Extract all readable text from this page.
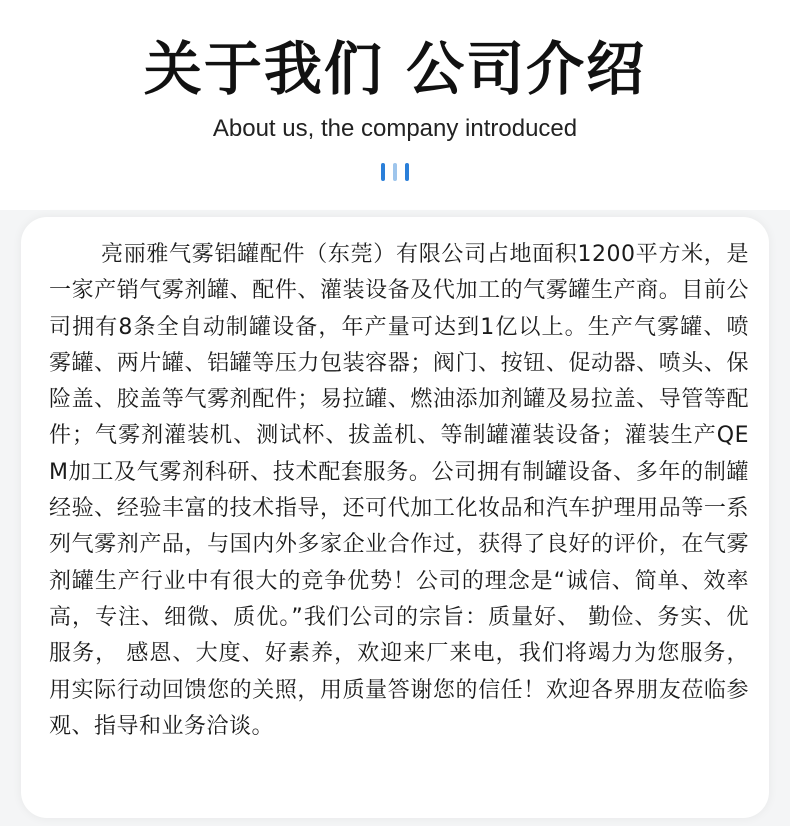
关于我们 公司介绍
About us, the company introduced

亮丽雅气雾铝罐配件（东莞）有限公司占地面积1200平方米，是一家产销气雾剂罐、配件、灌装设备及代加工的气雾罐生产商。目前公司拥有8条全自动制罐设备，年产量可达到1亿以上。生产气雾罐、喷雾罐、两片罐、铝罐等压力包装容器；阀门、按钮、促动器、喷头、保险盖、胶盖等气雾剂配件；易拉罐、燃油添加剂罐及易拉盖、导管等配件；气雾剂灌装机、测试杯、拔盖机、等制罐灌装设备；灌装生产QEM加工及气雾剂科研、技术配套服务。公司拥有制罐设备、多年的制罐经验、经验丰富的技术指导，还可代加工化妆品和汽车护理用品等一系列气雾剂产品，与国内外多家企业合作过，获得了良好的评价，在气雾剂罐生产行业中有很大的竞争优势！公司的理念是“诚信、简单、效率高，专注、细微、质优。”我们公司的宗旨：质量好、 勤俭、务实、优服务， 感恩、大度、好素养，欢迎来厂来电，我们将竭力为您服务，用实际行动回馈您的关照，用质量答谢您的信任！欢迎各界朋友莅临参观、指导和业务洽谈。
